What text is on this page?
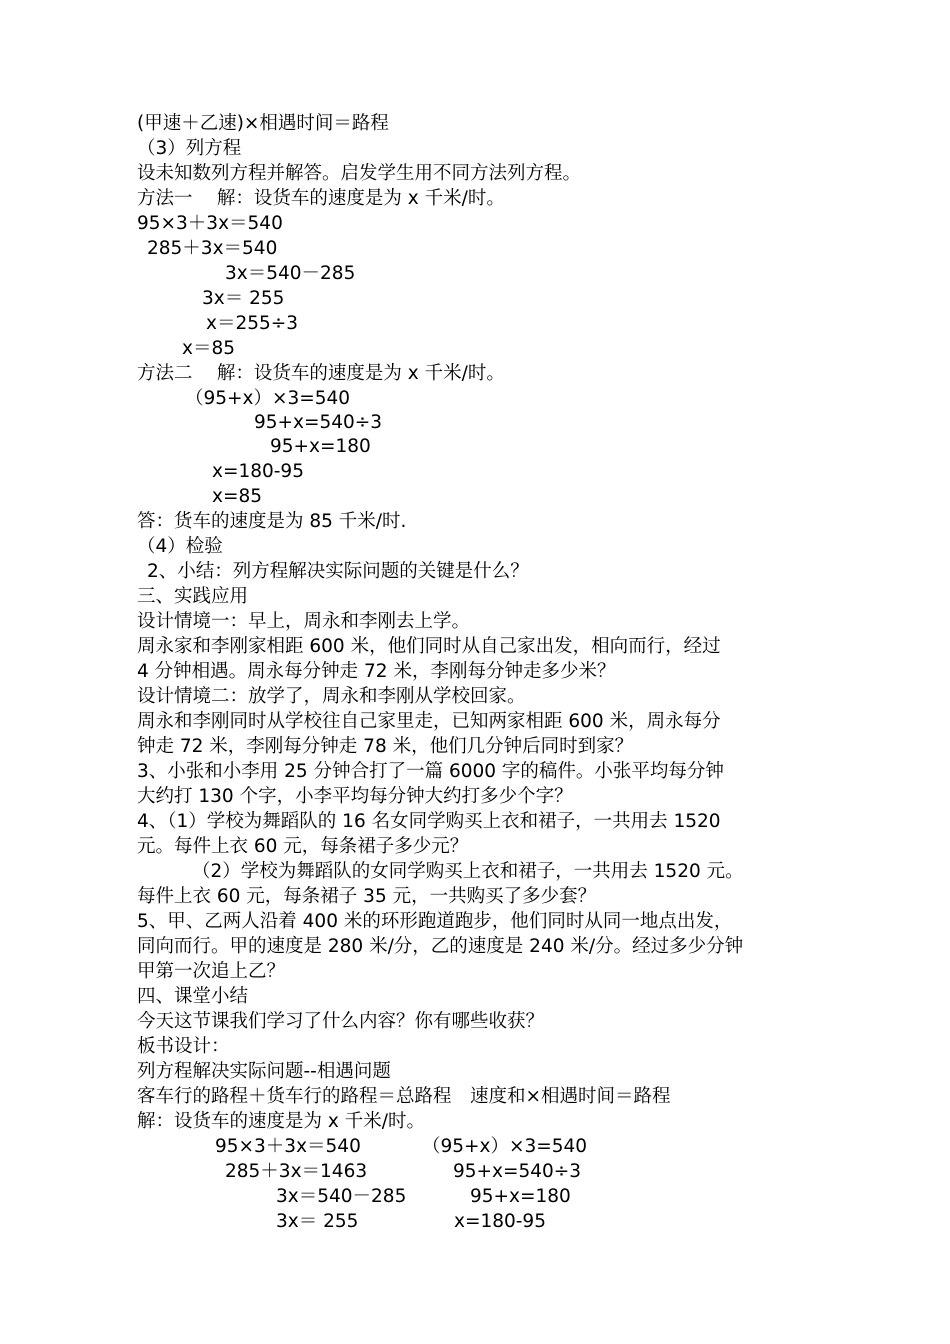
(甲速＋乙速)×相遇时间＝路程
（3）列方程
设未知数列方程并解答。启发学生用不同方法列方程。
方法一　 解：设货车的速度是为 x 千米/时。
95×3＋3x＝540
285＋3x＝540
3x＝540－285
3x＝ 255
x＝255÷3
x＝85
方法二　 解：设货车的速度是为 x 千米/时。
（95+x）×3=540
95+x=540÷3
95+x=180
x=180-95
x=85
答：货车的速度是为 85 千米/时.
（4）检验
2、小结：列方程解决实际问题的关键是什么？
三、实践应用
设计情境一：早上，周永和李刚去上学。
周永家和李刚家相距 600 米，他们同时从自己家出发，相向而行，经过
4 分钟相遇。周永每分钟走 72 米，李刚每分钟走多少米？
设计情境二：放学了，周永和李刚从学校回家。
周永和李刚同时从学校往自己家里走，已知两家相距 600 米，周永每分
钟走 72 米，李刚每分钟走 78 米，他们几分钟后同时到家？
3、小张和小李用 25 分钟合打了一篇 6000 字的稿件。小张平均每分钟
大约打 130 个字，小李平均每分钟大约打多少个字？
4、（1）学校为舞蹈队的 16 名女同学购买上衣和裙子，一共用去 1520
元。每件上衣 60 元，每条裙子多少元？
（2）学校为舞蹈队的女同学购买上衣和裙子，一共用去 1520 元。
每件上衣 60 元，每条裙子 35 元，一共购买了多少套？
5、甲、乙两人沿着 400 米的环形跑道跑步，他们同时从同一地点出发，
同向而行。甲的速度是 280 米/分，乙的速度是 240 米/分。经过多少分钟
甲第一次追上乙？
四、课堂小结
今天这节课我们学习了什么内容？你有哪些收获？
板书设计：
列方程解决实际问题--相遇问题
客车行的路程＋货车行的路程＝总路程　速度和×相遇时间＝路程
解：设货车的速度是为 x 千米/时。
95×3＋3x＝540	（95+x）×3=540
285＋3x＝1463	95+x=540÷3
3x＝540－285	95+x=180
3x＝ 255	x=180-95
